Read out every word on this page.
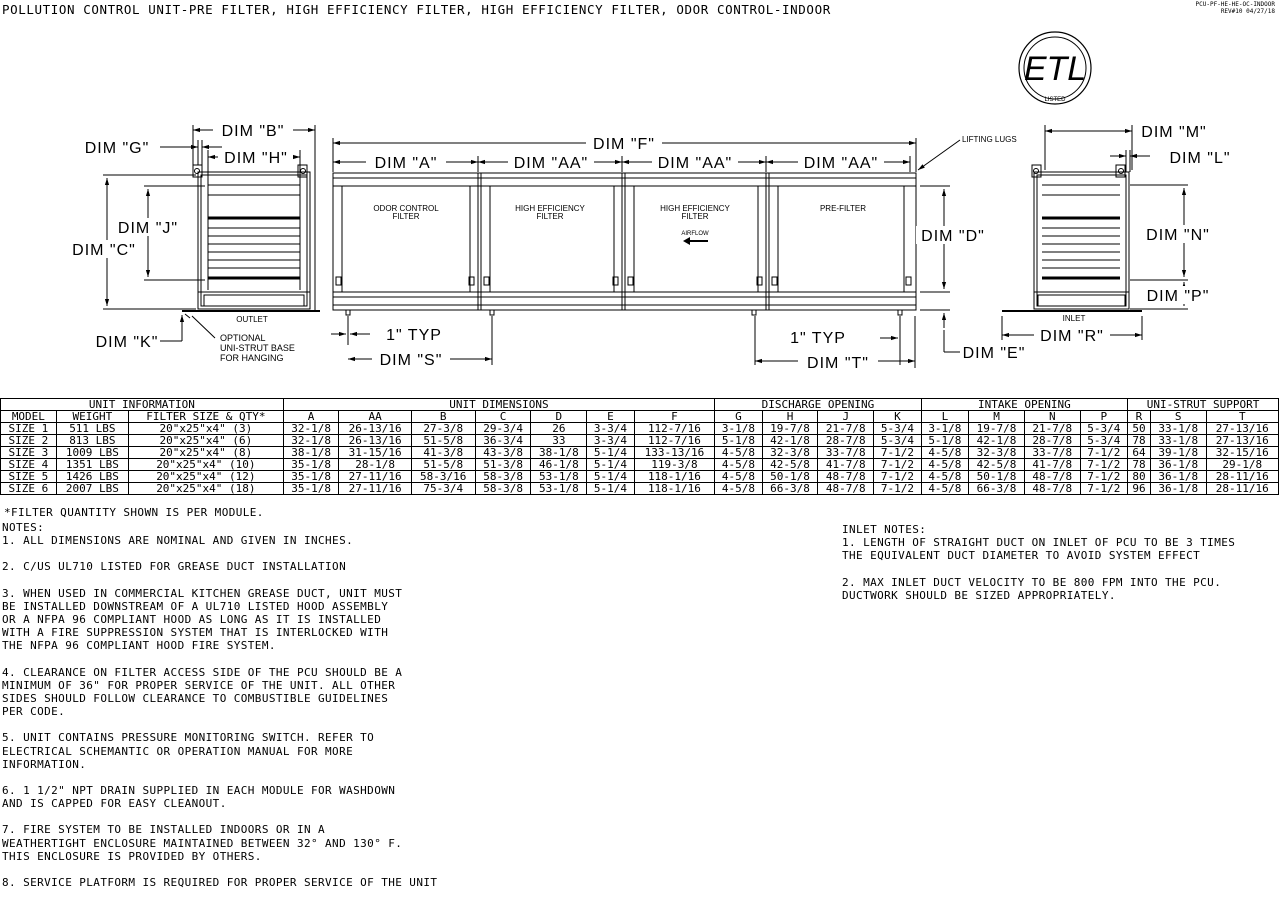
POLLUTION CONTROL UNIT-PRE FILTER, HIGH EFFICIENCY FILTER, HIGH EFFICIENCY FILTER, ODOR CONTROL-INDOOR	PCU-PF-HE-HE-OC-INDOOR
REV#10 04/27/18
ETL
LISTED
OUTLET
DIM "B"
DIM "G"
DIM "H"
DIM "C"
DIM "J"
DIM "K"	OPTIONAL
UNI-STRUT BASE
FOR HANGING
ODOR CONTROL
FILTER
HIGH EFFICIENCY
FILTER
HIGH EFFICIENCY
FILTER
PRE-FILTER
AIRFLOW
DIM "F"
DIM "A"	DIM "AA"	DIM "AA"	DIM "AA"
LIFTING LUGS
DIM "D"
DIM "E"
1" TYP
DIM "S"
1" TYP
DIM "T"
INLET
DIM "M"
DIM "L"
DIM "N"
DIM "P"
DIM "R"
UNIT INFORMATION			UNIT DIMENSIONS							DISCHARGE OPENING				INTAKE OPENING				UNI-STRUT SUPPORT		
MODEL	WEIGHT	FILTER SIZE & QTY*	A	AA	B	C	D	E	F	G	H	J	K	L	M	N	P	R	S	T
SIZE 1	511 LBS	20"x25"x4" (3)	32-1/8	26-13/16	27-3/8	29-3/4	26	3-3/4	112-7/16	3-1/8	19-7/8	21-7/8	5-3/4	3-1/8	19-7/8	21-7/8	5-3/4	50	33-1/8	27-13/16
SIZE 2	813 LBS	20"x25"x4" (6)	32-1/8	26-13/16	51-5/8	36-3/4	33	3-3/4	112-7/16	5-1/8	42-1/8	28-7/8	5-3/4	5-1/8	42-1/8	28-7/8	5-3/4	78	33-1/8	27-13/16
SIZE 3	1009 LBS	20"x25"x4" (8)	38-1/8	31-15/16	41-3/8	43-3/8	38-1/8	5-1/4	133-13/16	4-5/8	32-3/8	33-7/8	7-1/2	4-5/8	32-3/8	33-7/8	7-1/2	64	39-1/8	32-15/16
SIZE 4	1351 LBS	20"x25"x4" (10)	35-1/8	28-1/8	51-5/8	51-3/8	46-1/8	5-1/4	119-3/8	4-5/8	42-5/8	41-7/8	7-1/2	4-5/8	42-5/8	41-7/8	7-1/2	78	36-1/8	29-1/8
SIZE 5	1426 LBS	20"x25"x4" (12)	35-1/8	27-11/16	58-3/16	58-3/8	53-1/8	5-1/4	118-1/16	4-5/8	50-1/8	48-7/8	7-1/2	4-5/8	50-1/8	48-7/8	7-1/2	80	36-1/8	28-11/16
SIZE 6	2007 LBS	20"x25"x4" (18)	35-1/8	27-11/16	75-3/4	58-3/8	53-1/8	5-1/4	118-1/16	4-5/8	66-3/8	48-7/8	7-1/2	4-5/8	66-3/8	48-7/8	7-1/2	96	36-1/8	28-11/16
*FILTER QUANTITY SHOWN IS PER MODULE.
NOTES:

1. ALL DIMENSIONS ARE NOMINAL AND GIVEN IN INCHES.

2. C/US UL710 LISTED FOR GREASE DUCT INSTALLATION

3. WHEN USED IN COMMERCIAL KITCHEN GREASE DUCT, UNIT MUST
BE INSTALLED DOWNSTREAM OF A UL710 LISTED HOOD ASSEMBLY
OR A NFPA 96 COMPLIANT HOOD AS LONG AS IT IS INSTALLED
WITH A FIRE SUPPRESSION SYSTEM THAT IS INTERLOCKED WITH
THE NFPA 96 COMPLIANT HOOD FIRE SYSTEM.

4. CLEARANCE ON FILTER ACCESS SIDE OF THE PCU SHOULD BE A
MINIMUM OF 36" FOR PROPER SERVICE OF THE UNIT. ALL OTHER
SIDES SHOULD FOLLOW CLEARANCE TO COMBUSTIBLE GUIDELINES
PER CODE.

5. UNIT CONTAINS PRESSURE MONITORING SWITCH. REFER TO
ELECTRICAL SCHEMANTIC OR OPERATION MANUAL FOR MORE
INFORMATION.

6. 1 1/2" NPT DRAIN SUPPLIED IN EACH MODULE FOR WASHDOWN
AND IS CAPPED FOR EASY CLEANOUT.

7. FIRE SYSTEM TO BE INSTALLED INDOORS OR IN A
WEATHERTIGHT ENCLOSURE MAINTAINED BETWEEN 32° AND 130° F.
THIS ENCLOSURE IS PROVIDED BY OTHERS.

8. SERVICE PLATFORM IS REQUIRED FOR PROPER SERVICE OF THE UNIT

INLET NOTES:

1. LENGTH OF STRAIGHT DUCT ON INLET OF PCU TO BE 3 TIMES
THE EQUIVALENT DUCT DIAMETER TO AVOID SYSTEM EFFECT

2. MAX INLET DUCT VELOCITY TO BE 800 FPM INTO THE PCU.
DUCTWORK SHOULD BE SIZED APPROPRIATELY.
